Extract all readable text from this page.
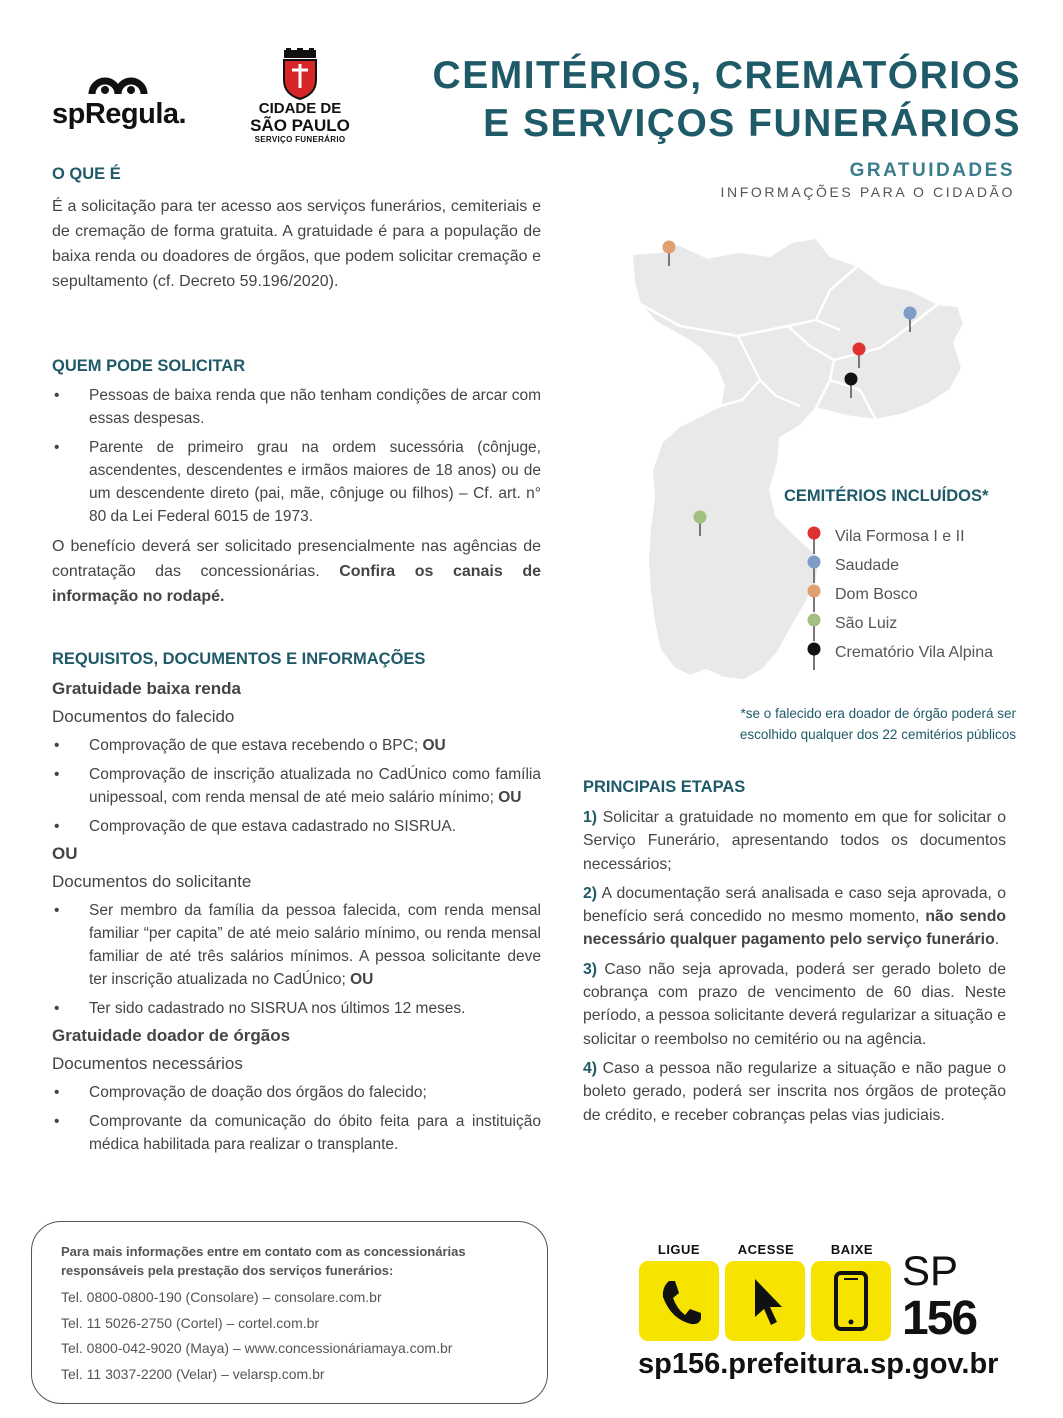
spRegula.	CIDADE DE
SÃO PAULO
SERVIÇO FUNERÁRIO
CEMITÉRIOS, CREMATÓRIOS
E SERVIÇOS FUNERÁRIOS
GRATUIDADES
INFORMAÇÕES PARA O CIDADÃO
O QUE É

É a solicitação para ter acesso aos serviços funerários, cemiteriais e de cremação de forma gratuita. A gratuidade é para a população de baixa renda ou doadores de órgãos, que podem solicitar cremação e sepultamento (cf. Decreto 59.196/2020).

QUEM PODE SOLICITAR
• Pessoas de baixa renda que não tenham condições de arcar com essas despesas.
• Parente de primeiro grau na ordem sucessória (cônjuge, ascendentes, descendentes e irmãos maiores de 18 anos) ou de um descendente direto (pai, mãe, cônjuge ou filhos) – Cf. art. n° 80 da Lei Federal 6015 de 1973.

O benefício deverá ser solicitado presencialmente nas agências de contratação das concessionárias. Confira os canais de informação no rodapé.

REQUISITOS, DOCUMENTOS E INFORMAÇÕES
Gratuidade baixa renda
Documentos do falecido
• Comprovação de que estava recebendo o BPC; OU
• Comprovação de inscrição atualizada no CadÚnico como família unipessoal, com renda mensal de até meio salário mínimo; OU
• Comprovação de que estava cadastrado no SISRUA.
OU
Documentos do solicitante
• Ser membro da família da pessoa falecida, com renda mensal familiar “per capita” de até meio salário mínimo, ou renda mensal familiar de até três salários mínimos. A pessoa solicitante deve ter inscrição atualizada no CadÚnico; OU
• Ter sido cadastrado no SISRUA nos últimos 12 meses.
Gratuidade doador de órgãos
Documentos necessários
• Comprovação de doação dos órgãos do falecido;
• Comprovante da comunicação do óbito feita para a instituição médica habilitada para realizar o transplante.
CEMITÉRIOS INCLUÍDOS*
Vila Formosa I e II
Saudade
Dom Bosco
São Luiz
Crematório Vila Alpina
*se o falecido era doador de órgão poderá ser
escolhido qualquer dos 22 cemitérios públicos
PRINCIPAIS ETAPAS

1) Solicitar a gratuidade no momento em que for solicitar o Serviço Funerário, apresentando todos os documentos necessários;

2) A documentação será analisada e caso seja aprovada, o benefício será concedido no mesmo momento, não sendo necessário qualquer pagamento pelo serviço funerário.

3) Caso não seja aprovada, poderá ser gerado boleto de cobrança com prazo de vencimento de 60 dias. Neste período, a pessoa solicitante deverá regularizar a situação e solicitar o reembolso no cemitério ou na agência.

4) Caso a pessoa não regularize a situação e não pague o boleto gerado, poderá ser inscrita nos órgãos de proteção de crédito, e receber cobranças pelas vias judiciais.

Para mais informações entre em contato com as concessionárias responsáveis pela prestação dos serviços funerários:
Tel. 0800-0800-190 (Consolare) – consolare.com.br
Tel. 11 5026-2750 (Cortel) – cortel.com.br
Tel. 0800-042-9020 (Maya) – www.concessionáriamaya.com.br
Tel. 11 3037-2200 (Velar) – velarsp.com.br
LIGUE	ACESSE	BAIXE SP
156
sp156.prefeitura.sp.gov.br
